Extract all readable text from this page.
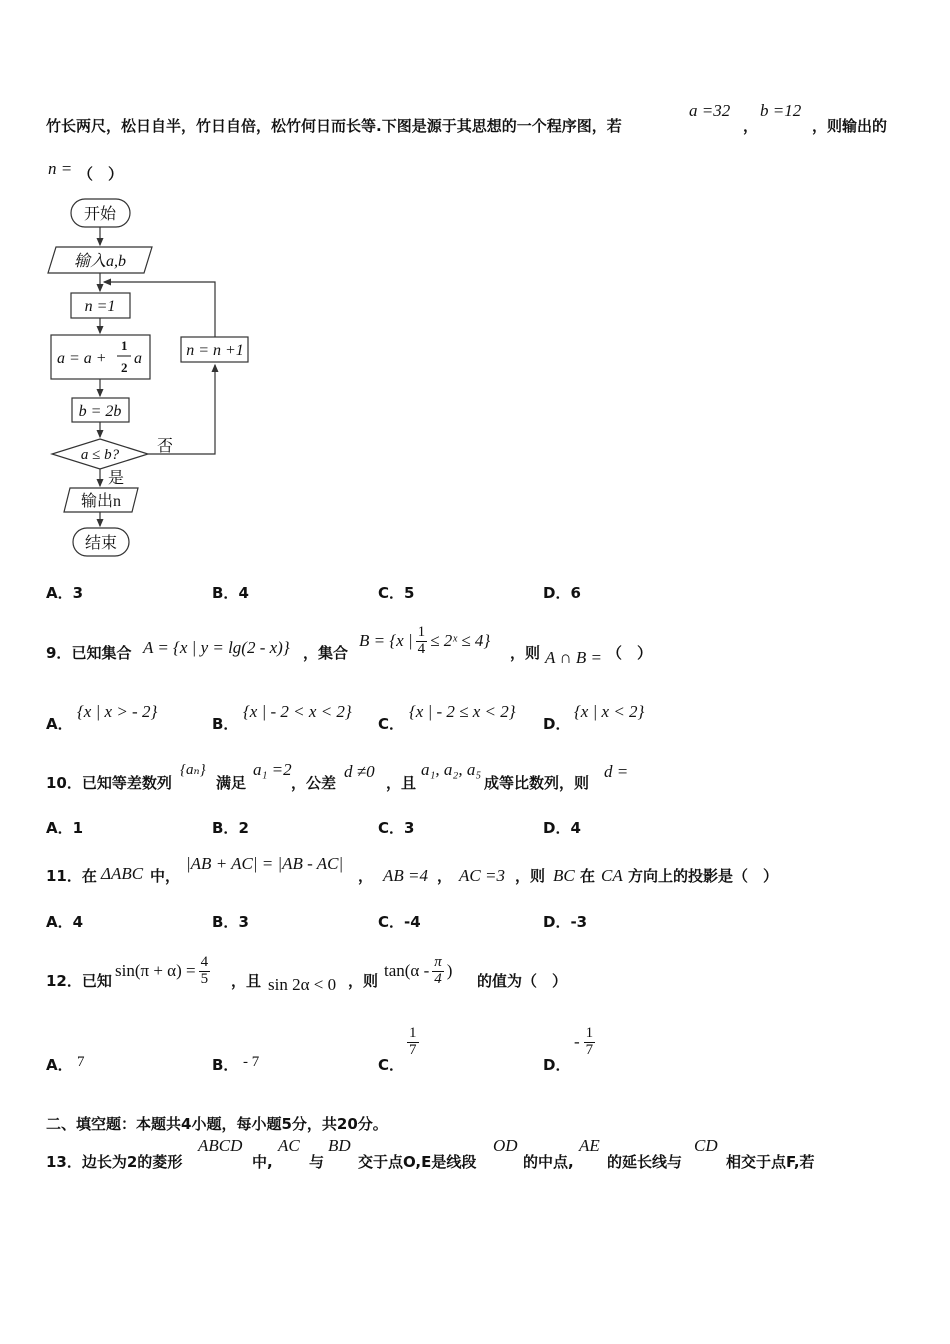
竹长两尺，松日自半，竹日自倍，松竹何日而长等.下图是源于其思想的一个程序图，若
a =32
，
b =12
，则输出的
n = （　）
开始
输入a,b
n =1
a = a +
1
2
a
b = 2b
a ≤ b? 否
是
n = n +1
输出n
结束
A．3	B．4	C．5	D．6
9．已知集合 A = {x | y = lg(2 - x)} ，集合
B = {x | $\frac{1}{4}$ ≤ 2ˣ ≤ 4}
，则 A ∩ B = （　）
A．
{x | x > - 2}
B．
{x | - 2 < x < 2}
C．
{x | - 2 ≤ x < 2}
D．
{x | x < 2}
10．已知等差数列
{aₙ}
满足
a₁ =2
，公差
d ≠0
，且
a₁, a₂, a₅
成等比数列，则
d =
A．1	B．2	C．3	D．4
11．在 ΔABC 中，
|AB + AC| = |AB - AC|
， AB =4 ， AC =3 ，则 BC 在 CA 方向上的投影是（　）
A．4	B．3	C．-4	D．-3
12．已知
$\sin(\pi + \alpha) = \frac{4}{5}$ ，且 sin 2α < 0 ，则
$\tan(\alpha - \frac{\pi}{4}$ )
的值为（　）
A． 7	B． - 7	C．
$\frac{1}{7}$
D．
- $\frac{1}{7}$
二、填空题：本题共4小题，每小题5分，共20分。
13．边长为2的菱形
ABCD
中,
AC
与
BD
交于点O,E是线段
OD
的中点,
AE
的延长线与
CD
相交于点F,若
